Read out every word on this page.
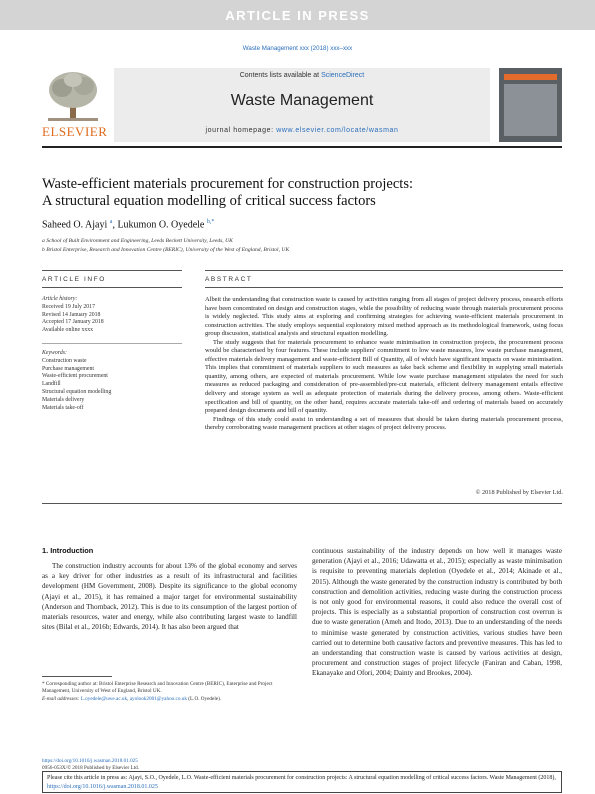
ARTICLE IN PRESS
Waste Management xxx (2018) xxx–xxx
ELSEVIER
Contents lists available at ScienceDirect
Waste Management
journal homepage: www.elsevier.com/locate/wasman
Waste-efficient materials procurement for construction projects:
A structural equation modelling of critical success factors
Saheed O. Ajayi $^a$, Lukumon O. Oyedele $^{b,*}$
a School of Built Environment and Engineering, Leeds Beckett University, Leeds, UK
b Bristol Enterprise, Research and Innovation Centre (BERIC), University of the West of England, Bristol, UK
ARTICLE INFO	ABSTRACT
Article history:
Received 19 July 2017
Revised 14 January 2018
Accepted 17 January 2018
Available online xxxx
Keywords:
Construction waste
Purchase management
Waste-efficient procurement
Landfill
Structural equation modelling
Materials delivery
Materials take-off

Albeit the understanding that construction waste is caused by activities ranging from all stages of project delivery process, research efforts have been concentrated on design and construction stages, while the possibility of reducing waste through materials procurement process is widely neglected. This study aims at exploring and confirming strategies for achieving waste-efficient materials procurement in construction activities. The study employs sequential exploratory mixed method approach as its methodological framework, using focus group discussion, statistical analysis and structural equation modelling.

The study suggests that for materials procurement to enhance waste minimisation in construction projects, the procurement process would be characterised by four features. These include suppliers' commitment to low waste measures, low waste purchase management, effective materials delivery management and waste-efficient Bill of Quantity, all of which have significant impacts on waste minimisation. This implies that commitment of materials suppliers to such measures as take back scheme and flexibility in supplying small materials quantity, among others, are expected of materials procurement. While low waste purchase management stipulates the need for such measures as reduced packaging and consideration of pre-assembled/pre-cut materials, efficient delivery management entails effective delivery and storage system as well as adequate protection of materials during the delivery process, among others. Waste-efficient specification and bill of quantity, on the other hand, requires accurate materials take-off and ordering of materials based on accurately prepared design documents and bill of quantity.

Findings of this study could assist in understanding a set of measures that should be taken during materials procurement process, thereby corroborating waste management practices at other stages of project delivery process.

© 2018 Published by Elsevier Ltd.
1. Introduction
The construction industry accounts for about 13% of the global economy and serves as a key driver for other industries as a result of its infrastructural and facilities development (HM Government, 2008). Despite its significance to the global economy (Ajayi et al., 2015), it has remained a major target for environmental sustainability (Anderson and Thornback, 2012). This is due to its consumption of the largest portion of materials resources, water and energy, while also contributing largest waste to landfill sites (Bilal et al., 2016b; Edwards, 2014). It has also been argued that
continuous sustainability of the industry depends on how well it manages waste generation (Ajayi et al., 2016; Udawatta et al., 2015); especially as waste minimisation is requisite to preventing materials depletion (Oyedele et al., 2014; Akinade et al., 2015). Although the waste generated by the construction industry is contributed by both construction and demolition activities, reducing waste during the construction process is not only good for environmental reasons, it could also reduce the overall cost of projects. This is especially as a substantial proportion of construction cost overrun is due to waste generation (Ameh and Itodo, 2013). Due to an understanding of the needs to minimise waste generated by construction activities, various studies have been carried out to determine both causative factors and preventive measures. This has led to an understanding that construction waste is caused by various activities at design, procurement and construction stages of project lifecycle (Faniran and Caban, 1998, Ekanayake and Ofori, 2004; Dainty and Brookes, 2004).
* Corresponding author at: Bristol Enterprise Research and Innovation Centre (BERIC), Enterprise and Project Management, University of West of England, Bristol UK.
E-mail addresses: L.oyedele@uwe.ac.uk, ayolook2001@yahoo.co.uk (L.O. Oyedele).
https://doi.org/10.1016/j.wasman.2018.01.025
0956-053X/© 2018 Published by Elsevier Ltd.
Please cite this article in press as: Ajayi, S.O., Oyedele, L.O. Waste-efficient materials procurement for construction projects: A structural equation modelling of critical success factors. Waste Management (2018), https://doi.org/10.1016/j.wasman.2018.01.025
